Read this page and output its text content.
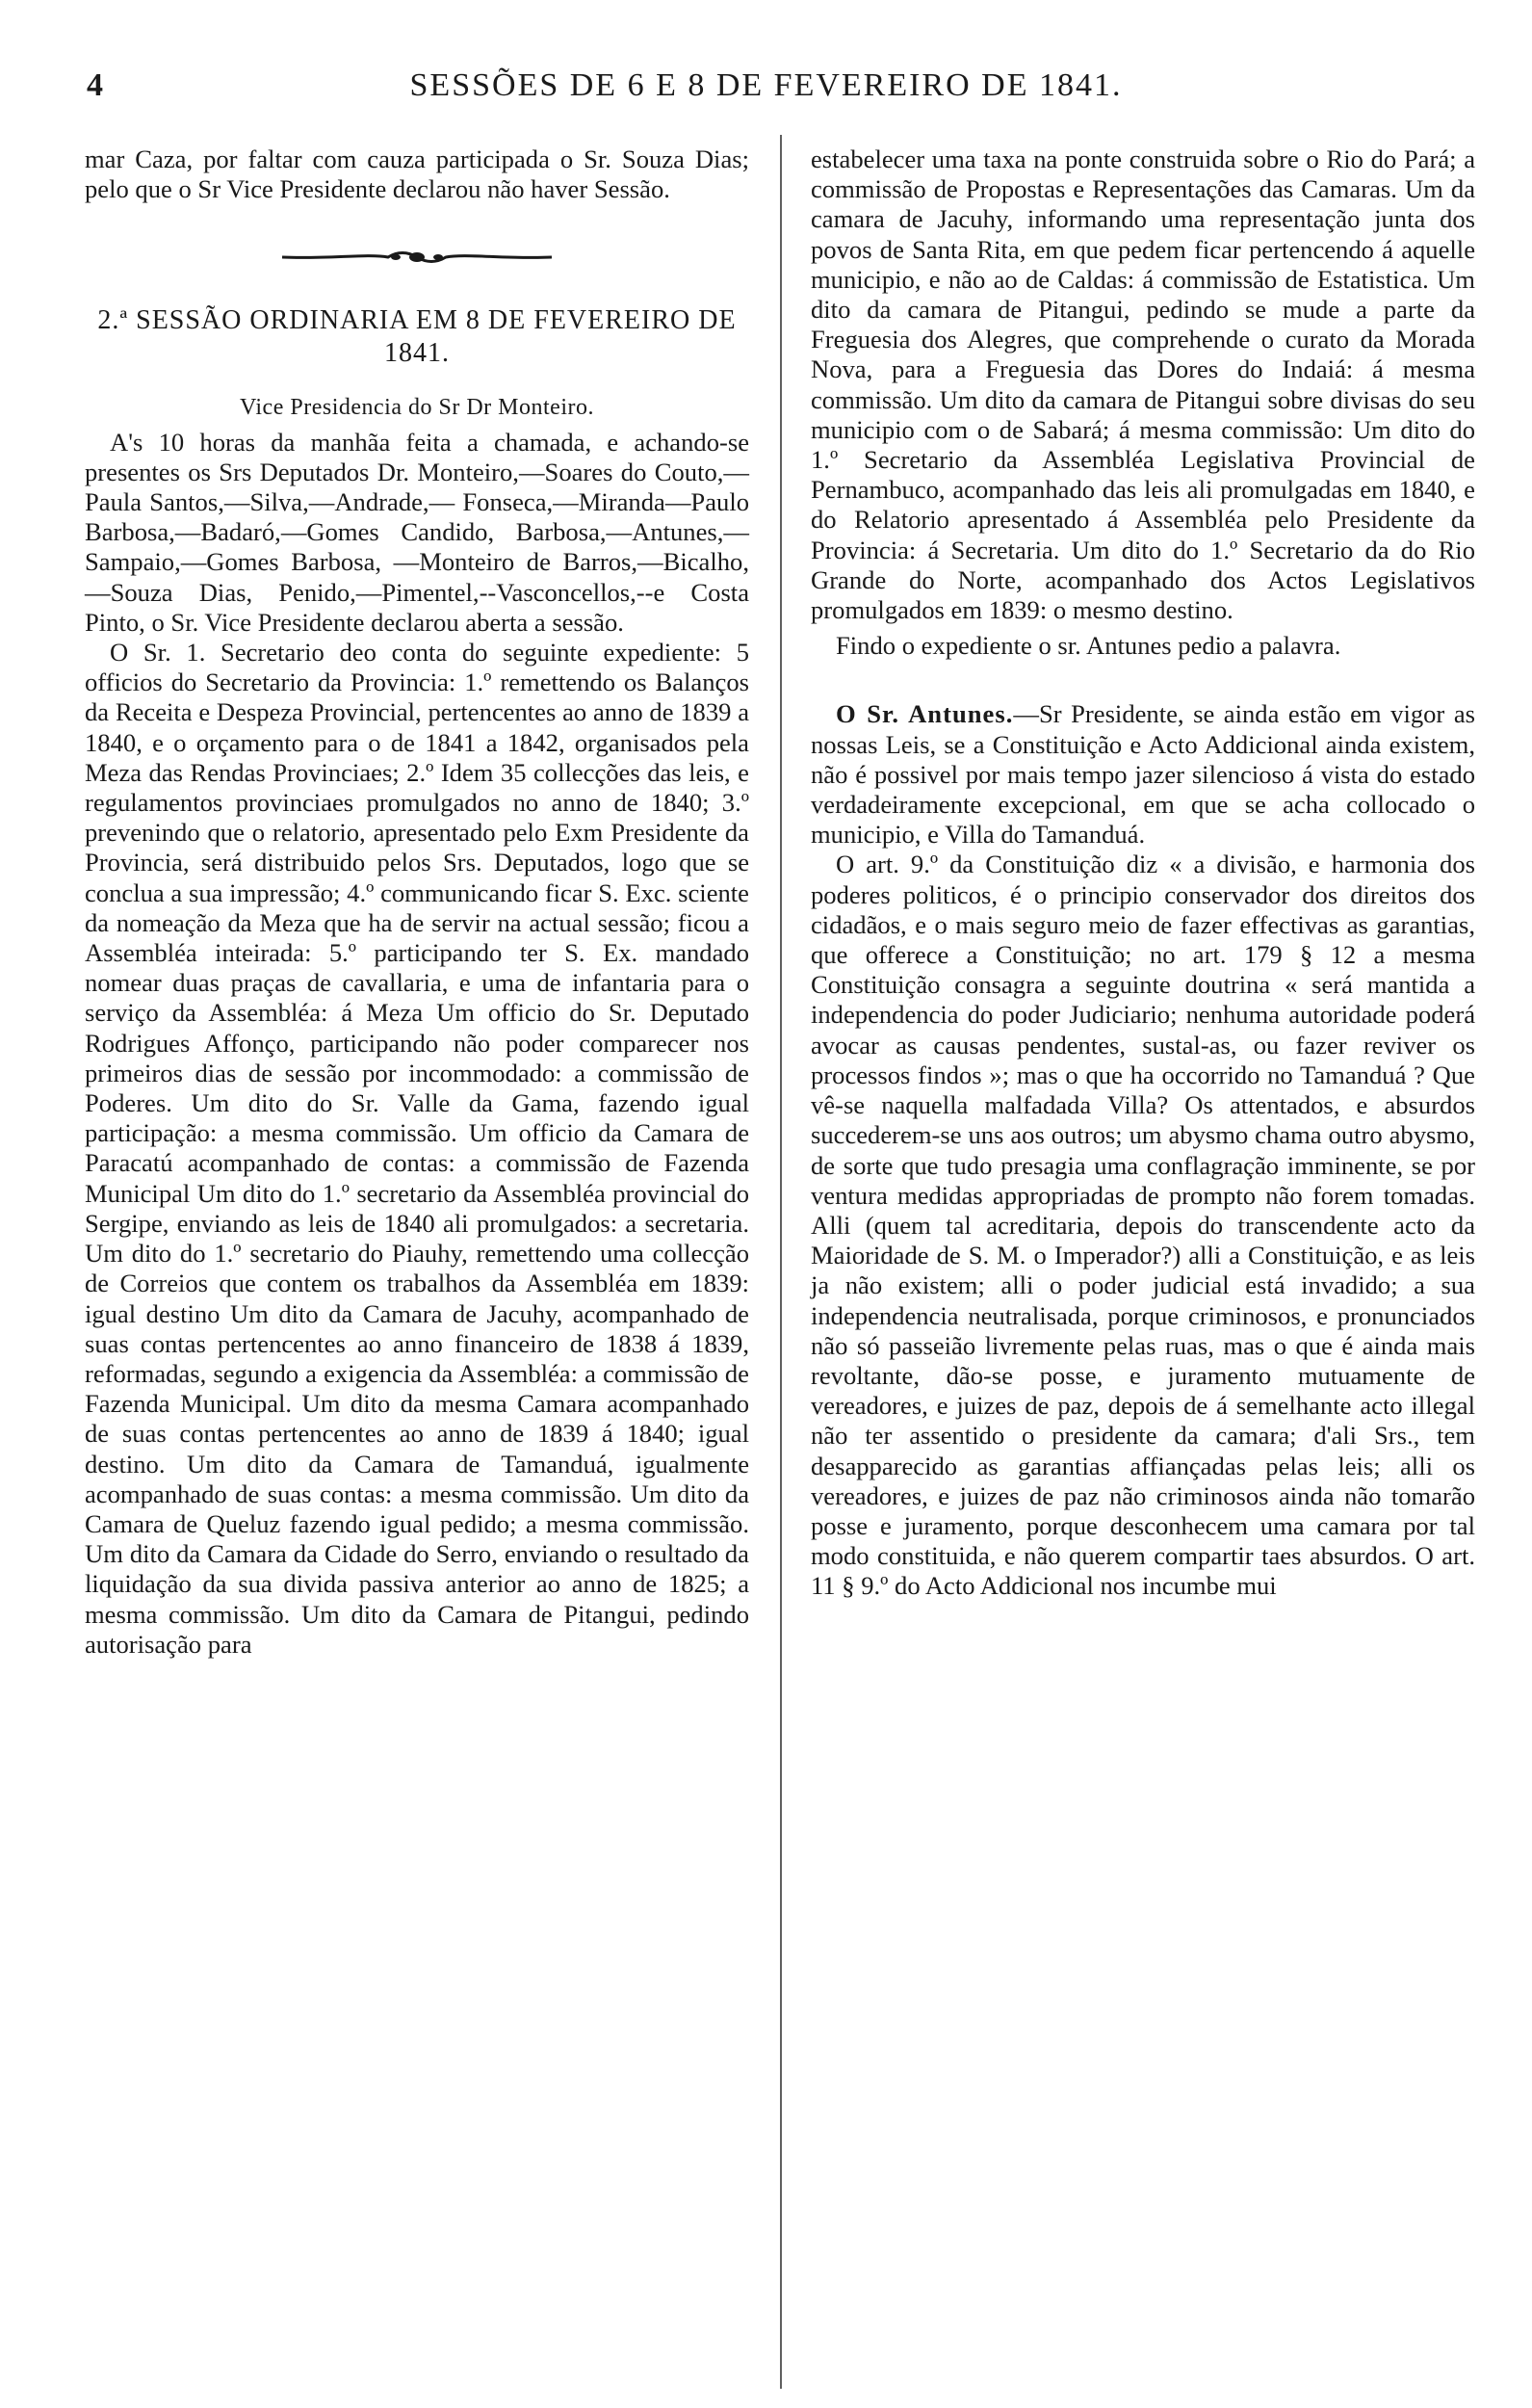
4	SESSÕES DE 6 E 8 DE FEVEREIRO DE 1841.

mar Caza, por faltar com cauza participada o Sr. Souza Dias; pelo que o Sr Vice Presidente declarou não haver Sessão.

2.ª SESSÃO ORDINARIA EM 8 DE FEVEREIRO DE 1841.

Vice Presidencia do Sr Dr Monteiro.

A's 10 horas da manhãa feita a chamada, e achando-se presentes os Srs Deputados Dr. Monteiro,—Soares do Couto,—Paula Santos,—Silva,—Andrade,— Fonseca,—Miranda—Paulo Barbosa,—Badaró,—Gomes Candido, Barbosa,—Antunes,—Sampaio,—Gomes Barbosa, —Monteiro de Barros,—Bicalho,—Souza Dias, Penido,—Pimentel,--Vasconcellos,--e Costa Pinto, o Sr. Vice Presidente declarou aberta a sessão.

O Sr. 1. Secretario deo conta do seguinte expediente: 5 officios do Secretario da Provincia: 1.º remettendo os Balanços da Receita e Despeza Provincial, pertencentes ao anno de 1839 a 1840, e o orçamento para o de 1841 a 1842, organisados pela Meza das Rendas Provinciaes; 2.º Idem 35 collecções das leis, e regulamentos provinciaes promulgados no anno de 1840; 3.º prevenindo que o relatorio, apresentado pelo Exm Presidente da Provincia, será distribuido pelos Srs. Deputados, logo que se conclua a sua impressão; 4.º communicando ficar S. Exc. sciente da nomeação da Meza que ha de servir na actual sessão; ficou a Assembléa inteirada: 5.º participando ter S. Ex. mandado nomear duas praças de cavallaria, e uma de infantaria para o serviço da Assembléa: á Meza Um officio do Sr. Deputado Rodrigues Affonço, participando não poder comparecer nos primeiros dias de sessão por incommodado: a commissão de Poderes. Um dito do Sr. Valle da Gama, fazendo igual participação: a mesma commissão. Um officio da Camara de Paracatú acompanhado de contas: a commissão de Fazenda Municipal Um dito do 1.º secretario da Assembléa provincial do Sergipe, enviando as leis de 1840 ali promulgados: a secretaria. Um dito do 1.º secretario do Piauhy, remettendo uma collecção de Correios que contem os trabalhos da Assembléa em 1839: igual destino Um dito da Camara de Jacuhy, acompanhado de suas contas pertencentes ao anno financeiro de 1838 á 1839, reformadas, segundo a exigencia da Assembléa: a commissão de Fazenda Municipal. Um dito da mesma Camara acompanhado de suas contas pertencentes ao anno de 1839 á 1840; igual destino. Um dito da Camara de Tamanduá, igualmente acompanhado de suas contas: a mesma commissão. Um dito da Camara de Queluz fazendo igual pedido; a mesma commissão. Um dito da Camara da Cidade do Serro, enviando o resultado da liquidação da sua divida passiva anterior ao anno de 1825; a mesma commissão. Um dito da Camara de Pitangui, pedindo autorisação para

estabelecer uma taxa na ponte construida sobre o Rio do Pará; a commissão de Propostas e Representações das Camaras. Um da camara de Jacuhy, informando uma representação junta dos povos de Santa Rita, em que pedem ficar pertencendo á aquelle municipio, e não ao de Caldas: á commissão de Estatistica. Um dito da camara de Pitangui, pedindo se mude a parte da Freguesia dos Alegres, que comprehende o curato da Morada Nova, para a Freguesia das Dores do Indaiá: á mesma commissão. Um dito da camara de Pitangui sobre divisas do seu municipio com o de Sabará; á mesma commissão: Um dito do 1.º Secretario da Assembléa Legislativa Provincial de Pernambuco, acompanhado das leis ali promulgadas em 1840, e do Relatorio apresentado á Assembléa pelo Presidente da Provincia: á Secretaria. Um dito do 1.º Secretario da do Rio Grande do Norte, acompanhado dos Actos Legislativos promulgados em 1839: o mesmo destino.

Findo o expediente o sr. Antunes pedio a palavra.

O Sr. Antunes.—Sr Presidente, se ainda estão em vigor as nossas Leis, se a Constituição e Acto Addicional ainda existem, não é possivel por mais tempo jazer silencioso á vista do estado verdadeiramente excepcional, em que se acha collocado o municipio, e Villa do Tamanduá.

O art. 9.º da Constituição diz « a divisão, e harmonia dos poderes politicos, é o principio conservador dos direitos dos cidadãos, e o mais seguro meio de fazer effectivas as garantias, que offerece a Constituição; no art. 179 § 12 a mesma Constituição consagra a seguinte doutrina « será mantida a independencia do poder Judiciario; nenhuma autoridade poderá avocar as causas pendentes, sustal-as, ou fazer reviver os processos findos »; mas o que ha occorrido no Tamanduá ? Que vê-se naquella malfadada Villa? Os attentados, e absurdos succederem-se uns aos outros; um abysmo chama outro abysmo, de sorte que tudo presagia uma conflagração imminente, se por ventura medidas appropriadas de prompto não forem tomadas. Alli (quem tal acreditaria, depois do transcendente acto da Maioridade de S. M. o Imperador?) alli a Constituição, e as leis ja não existem; alli o poder judicial está invadido; a sua independencia neutralisada, porque criminosos, e pronunciados não só passeião livremente pelas ruas, mas o que é ainda mais revoltante, dão-se posse, e juramento mutuamente de vereadores, e juizes de paz, depois de á semelhante acto illegal não ter assentido o presidente da camara; d'ali Srs., tem desapparecido as garantias affiançadas pelas leis; alli os vereadores, e juizes de paz não criminosos ainda não tomarão posse e juramento, porque desconhecem uma camara por tal modo constituida, e não querem compartir taes absurdos. O art. 11 § 9.º do Acto Addicional nos incumbe mui
